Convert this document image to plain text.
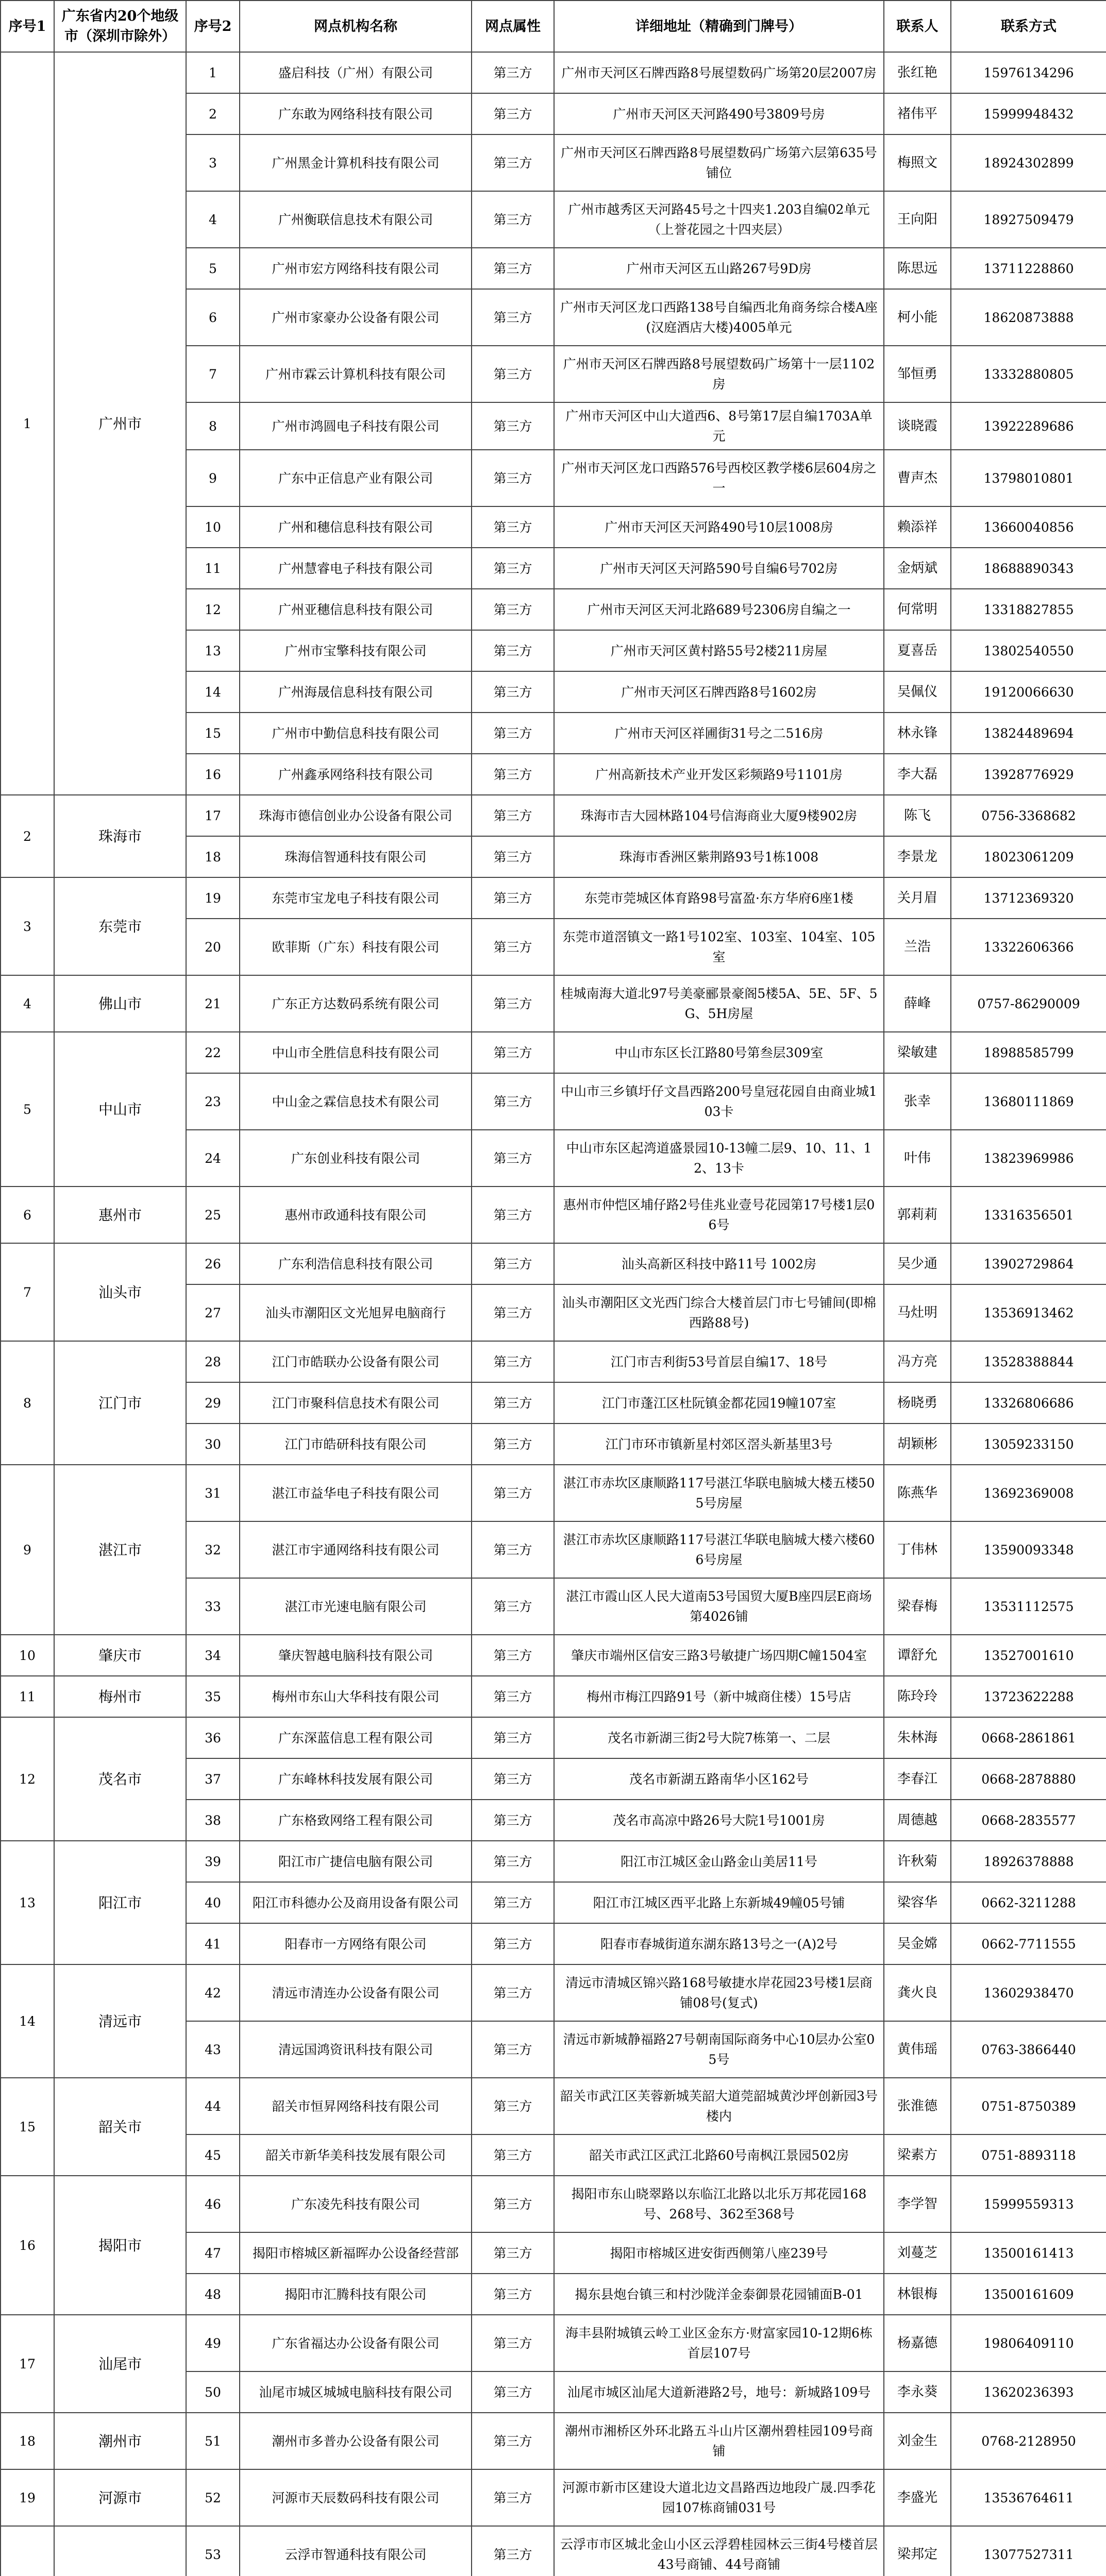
序号1	广东省内20个地级市（深圳市除外）	序号2	网点机构名称	网点属性	详细地址（精确到门牌号）	联系人	联系方式
1	广州市	1	盛启科技（广州）有限公司	第三方	广州市天河区石牌西路8号展望数码广场第20层2007房	张红艳	15976134296
		2	广东敢为网络科技有限公司	第三方	广州市天河区天河路490号3809号房	褚伟平	15999948432
		3	广州黑金计算机科技有限公司	第三方	广州市天河区石牌西路8号展望数码广场第六层第635号铺位	梅照文	18924302899
		4	广州衡联信息技术有限公司	第三方	广州市越秀区天河路45号之十四夹1.203自编02单元（上誉花园之十四夹层）	王向阳	18927509479
		5	广州市宏方网络科技有限公司	第三方	广州市天河区五山路267号9D房	陈思远	13711228860
		6	广州市家豪办公设备有限公司	第三方	广州市天河区龙口西路138号自编西北角商务综合楼A座(汉庭酒店大楼)4005单元	柯小能	18620873888
		7	广州市霖云计算机科技有限公司	第三方	广州市天河区石牌西路8号展望数码广场第十一层1102房	邹恒勇	13332880805
		8	广州市鸿圆电子科技有限公司	第三方	广州市天河区中山大道西6、8号第17层自编1703A单元	谈晓霞	13922289686
		9	广东中正信息产业有限公司	第三方	广州市天河区龙口西路576号西校区教学楼6层604房之一	曹声杰	13798010801
		10	广州和穗信息科技有限公司	第三方	广州市天河区天河路490号10层1008房	赖添祥	13660040856
		11	广州慧睿电子科技有限公司	第三方	广州市天河区天河路590号自编6号702房	金炳斌	18688890343
		12	广州亚穗信息科技有限公司	第三方	广州市天河区天河北路689号2306房自编之一	何常明	13318827855
		13	广州市宝擎科技有限公司	第三方	广州市天河区黄村路55号2楼211房屋	夏喜岳	13802540550
		14	广州海晟信息科技有限公司	第三方	广州市天河区石牌西路8号1602房	吴佩仪	19120066630
		15	广州市中勤信息科技有限公司	第三方	广州市天河区祥圃街31号之二516房	林永锋	13824489694
		16	广州鑫承网络科技有限公司	第三方	广州高新技术产业开发区彩频路9号1101房	李大磊	13928776929
2	珠海市	17	珠海市德信创业办公设备有限公司	第三方	珠海市吉大园林路104号信海商业大厦9楼902房	陈飞	0756-3368682
		18	珠海信智通科技有限公司	第三方	珠海市香洲区紫荆路93号1栋1008	李景龙	18023061209
3	东莞市	19	东莞市宝龙电子科技有限公司	第三方	东莞市莞城区体育路98号富盈·东方华府6座1楼	关月眉	13712369320
		20	欧菲斯（广东）科技有限公司	第三方	东莞市道滘镇文一路1号102室、103室、104室、105室	兰浩	13322606366
4	佛山市	21	广东正方达数码系统有限公司	第三方	桂城南海大道北97号美豪郦景豪阁5楼5A、5E、5F、5G、5H房屋	薛峰	0757-86290009
5	中山市	22	中山市全胜信息科技有限公司	第三方	中山市东区长江路80号第叁层309室	梁敏建	18988585799
		23	中山金之霖信息技术有限公司	第三方	中山市三乡镇圩仔文昌西路200号皇冠花园自由商业城103卡	张幸	13680111869
		24	广东创业科技有限公司	第三方	中山市东区起湾道盛景园10-13幢二层9、10、11、12、13卡	叶伟	13823969986
6	惠州市	25	惠州市政通科技有限公司	第三方	惠州市仲恺区埔仔路2号佳兆业壹号花园第17号楼1层06号	郭莉莉	13316356501
7	汕头市	26	广东利浩信息科技有限公司	第三方	汕头高新区科技中路11号 1002房	吴少通	13902729864
		27	汕头市潮阳区文光旭昇电脑商行	第三方	汕头市潮阳区文光西门综合大楼首层门市七号铺间(即棉西路88号)	马灶明	13536913462
8	江门市	28	江门市皓联办公设备有限公司	第三方	江门市吉利街53号首层自编17、18号	冯方亮	13528388844
		29	江门市聚科信息技术有限公司	第三方	江门市蓬江区杜阮镇金都花园19幢107室	杨晓勇	13326806686
		30	江门市皓研科技有限公司	第三方	江门市环市镇新星村郊区滘头新基里3号	胡颖彬	13059233150
9	湛江市	31	湛江市益华电子科技有限公司	第三方	湛江市赤坎区康顺路117号湛江华联电脑城大楼五楼505号房屋	陈燕华	13692369008
		32	湛江市宇通网络科技有限公司	第三方	湛江市赤坎区康顺路117号湛江华联电脑城大楼六楼606号房屋	丁伟林	13590093348
		33	湛江市光速电脑有限公司	第三方	湛江市霞山区人民大道南53号国贸大厦B座四层E商场第4026铺	梁春梅	13531112575
10	肇庆市	34	肇庆智越电脑科技有限公司	第三方	肇庆市端州区信安三路3号敏捷广场四期C幢1504室	谭舒允	13527001610
11	梅州市	35	梅州市东山大华科技有限公司	第三方	梅州市梅江四路91号（新中城商住楼）15号店	陈玲玲	13723622288
12	茂名市	36	广东深蓝信息工程有限公司	第三方	茂名市新湖三街2号大院7栋第一、二层	朱林海	0668-2861861
		37	广东峰林科技发展有限公司	第三方	茂名市新湖五路南华小区162号	李春江	0668-2878880
		38	广东格致网络工程有限公司	第三方	茂名市高凉中路26号大院1号1001房	周德越	0668-2835577
13	阳江市	39	阳江市广捷信电脑有限公司	第三方	阳江市江城区金山路金山美居11号	许秋菊	18926378888
		40	阳江市科德办公及商用设备有限公司	第三方	阳江市江城区西平北路上东新城49幢05号铺	梁容华	0662-3211288
		41	阳春市一方网络有限公司	第三方	阳春市春城街道东湖东路13号之一(A)2号	吴金嫦	0662-7711555
14	清远市	42	清远市清连办公设备有限公司	第三方	清远市清城区锦兴路168号敏捷水岸花园23号楼1层商铺08号(复式)	龚火良	13602938470
		43	清远国鸿资讯科技有限公司	第三方	清远市新城静福路27号朝南国际商务中心10层办公室05号	黄伟瑶	0763-3866440
15	韶关市	44	韶关市恒昇网络科技有限公司	第三方	韶关市武江区芙蓉新城芙韶大道莞韶城黄沙坪创新园3号楼内	张淮德	0751-8750389
		45	韶关市新华美科技发展有限公司	第三方	韶关市武江区武江北路60号南枫江景园502房	梁素方	0751-8893118
16	揭阳市	46	广东凌先科技有限公司	第三方	揭阳市东山晓翠路以东临江北路以北乐万邦花园168号、268号、362至368号	李学智	15999559313
		47	揭阳市榕城区新福晖办公设备经营部	第三方	揭阳市榕城区进安街西侧第八座239号	刘蔓芝	13500161413
		48	揭阳市汇腾科技有限公司	第三方	揭东县炮台镇三和村沙陇洋金泰御景花园铺面B-01	林银梅	13500161609
17	汕尾市	49	广东省福达办公设备有限公司	第三方	海丰县附城镇云岭工业区金东方·财富家园10-12期6栋首层107号	杨嘉德	19806409110
		50	汕尾市城区城城电脑科技有限公司	第三方	汕尾市城区汕尾大道新港路2号，地号：新城路109号	李永葵	13620236393
18	潮州市	51	潮州市多普办公设备有限公司	第三方	潮州市湘桥区外环北路五斗山片区潮州碧桂园109号商铺	刘金生	0768-2128950
19	河源市	52	河源市天辰数码科技有限公司	第三方	河源市新市区建设大道北边文昌路西边地段广晟.四季花园107栋商铺031号	李盛光	13536764611
		53	云浮市智通科技有限公司	第三方	云浮市市区城北金山小区云浮碧桂园林云三街4号楼首层43号商铺、44号商铺	梁邦定	13077527311
